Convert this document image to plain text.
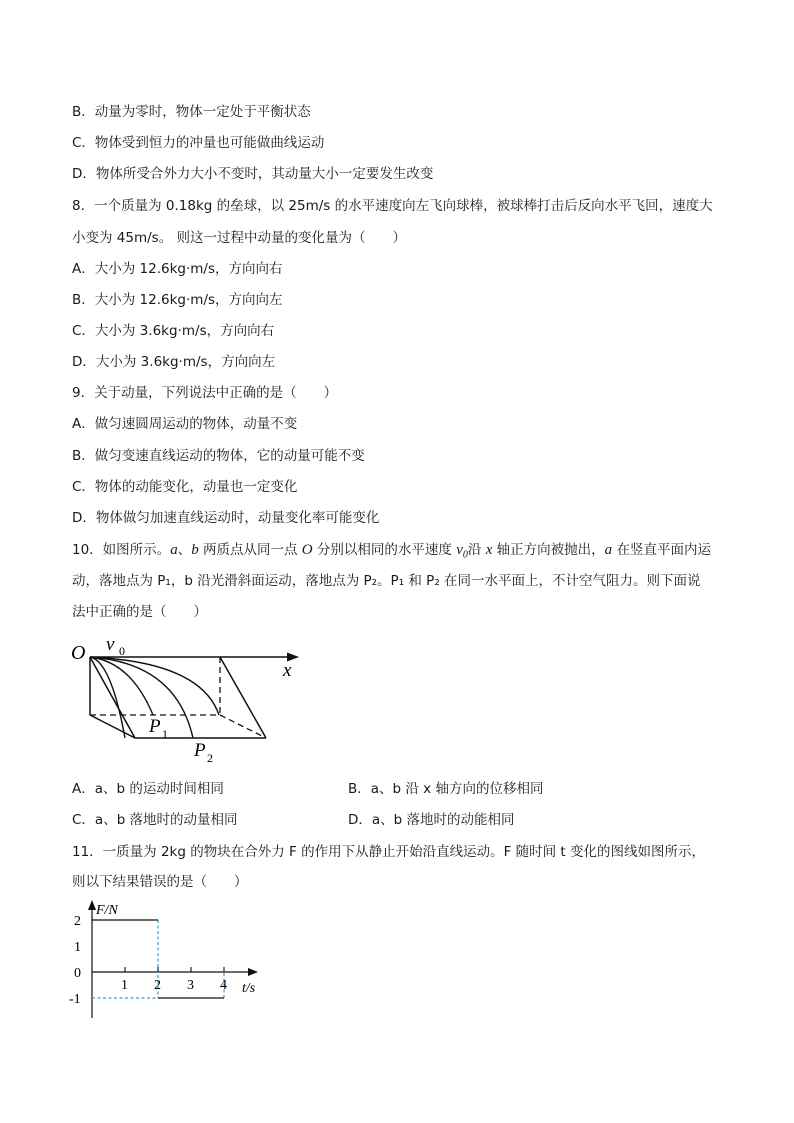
B．动量为零时，物体一定处于平衡状态
C．物体受到恒力的冲量也可能做曲线运动
D．物体所受合外力大小不变时，其动量大小一定要发生改变
8．一个质量为 0.18kg 的垒球，以 25m/s 的水平速度向左飞向球棒，被球棒打击后反向水平飞回，速度大
小变为 45m/s。 则这一过程中动量的变化量为（　　）
A．大小为 12.6kg·m/s，方向向右
B．大小为 12.6kg·m/s，方向向左
C．大小为 3.6kg·m/s，方向向右
D．大小为 3.6kg·m/s，方向向左
9．关于动量，下列说法中正确的是（　　）
A．做匀速圆周运动的物体，动量不变
B．做匀变速直线运动的物体，它的动量可能不变
C．物体的动能变化，动量也一定变化
D．物体做匀加速直线运动时，动量变化率可能变化
10．如图所示。a、b 两质点从同一点 O 分别以相同的水平速度 $v_0$沿 x 轴正方向被抛出，a 在竖直平面内运
动，落地点为 P₁，b 沿光滑斜面运动，落地点为 P₂。P₁ 和 P₂ 在同一水平面上，不计空气阻力。则下面说
法中正确的是（　　）
O v 0
x
P 1
P 2
A．a、b 的运动时间相同	B．a、b 沿 x 轴方向的位移相同
C．a、b 落地时的动量相同	D．a、b 落地时的动能相同
11．一质量为 2kg 的物块在合外力 F 的作用下从静止开始沿直线运动。F 随时间 t 变化的图线如图所示，
则以下结果错误的是（　　）
F/N
t/s
1 2 3 4
2
1
0
-1
